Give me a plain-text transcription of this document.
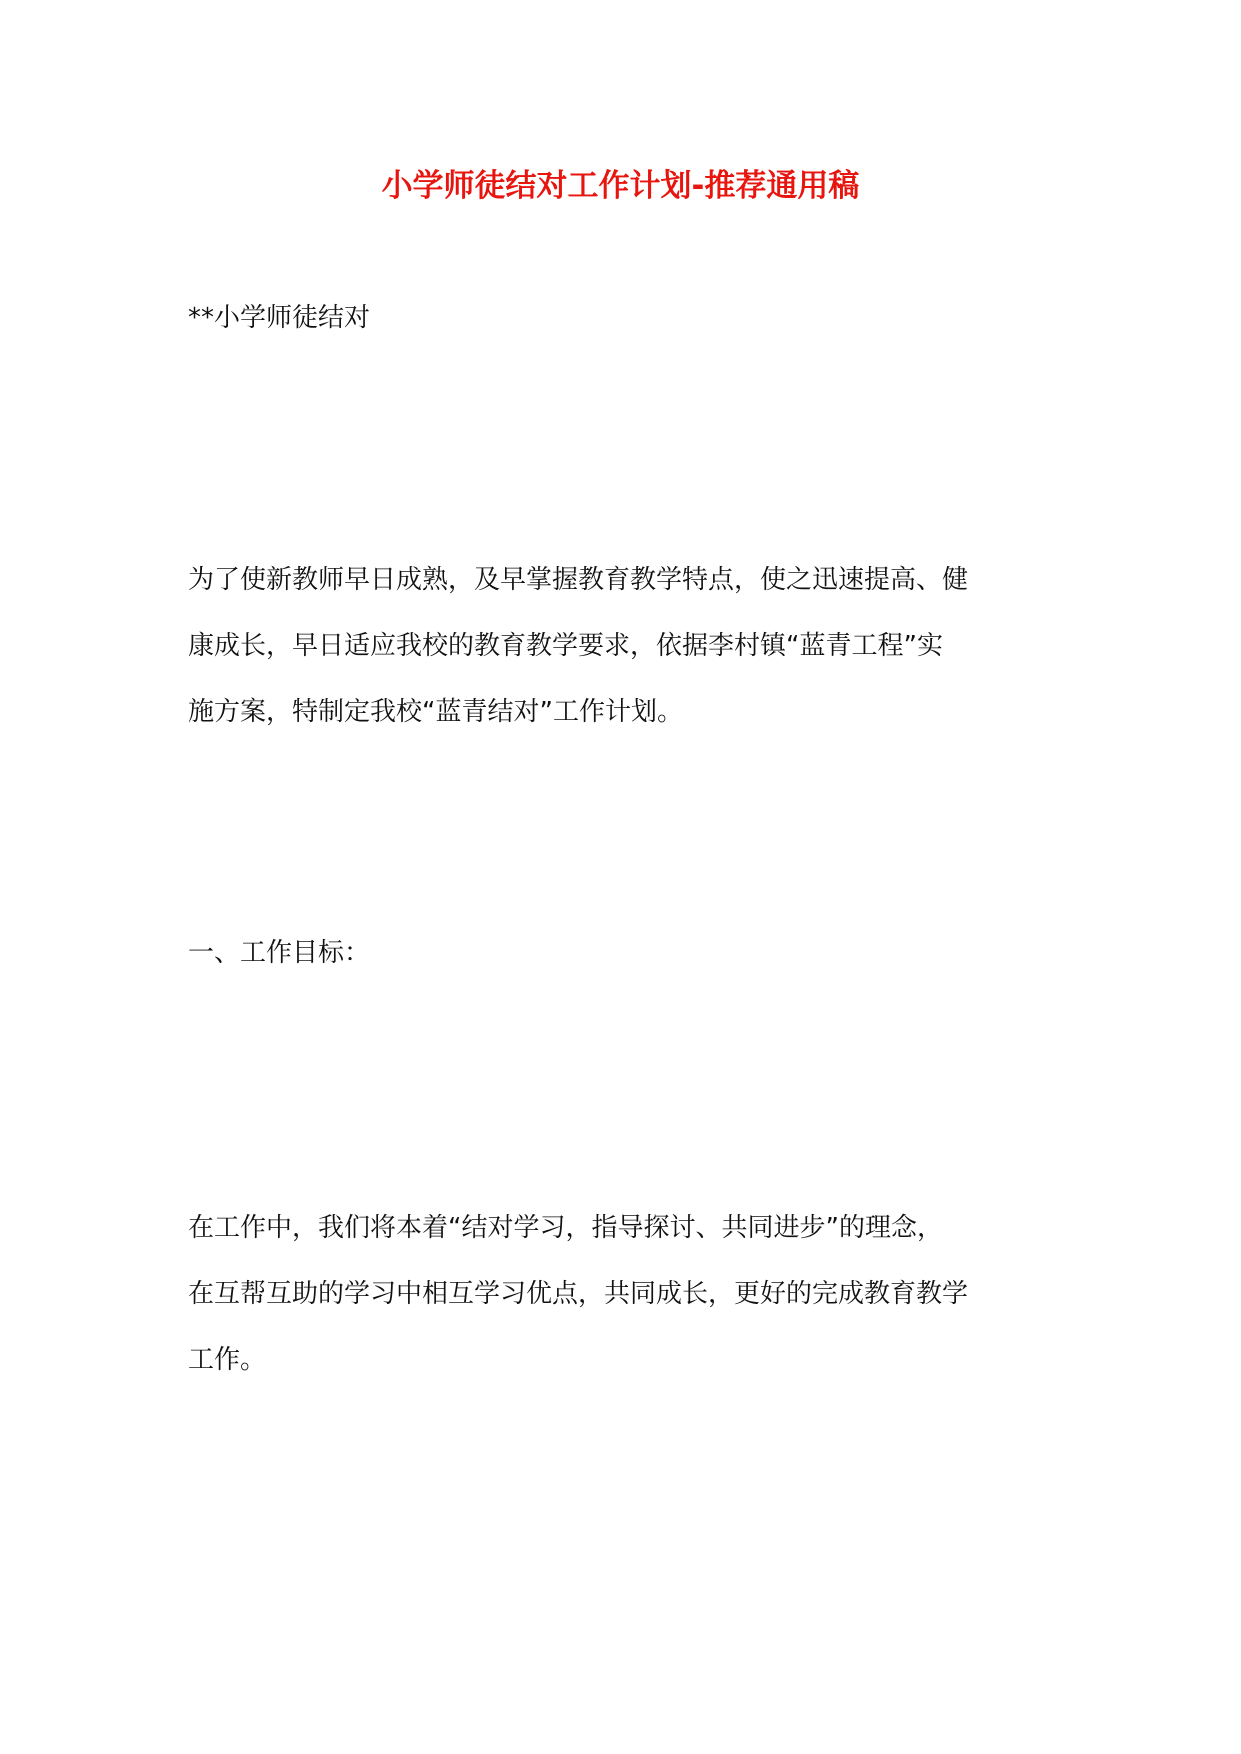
小学师徒结对工作计划-推荐通用稿
**小学师徒结对
为了使新教师早日成熟，及早掌握教育教学特点，使之迅速提高、健
康成长，早日适应我校的教育教学要求，依据李村镇“蓝青工程”实
施方案，特制定我校“蓝青结对”工作计划。
一、工作目标：
在工作中，我们将本着“结对学习，指导探讨、共同进步”的理念，
在互帮互助的学习中相互学习优点，共同成长，更好的完成教育教学
工作。
